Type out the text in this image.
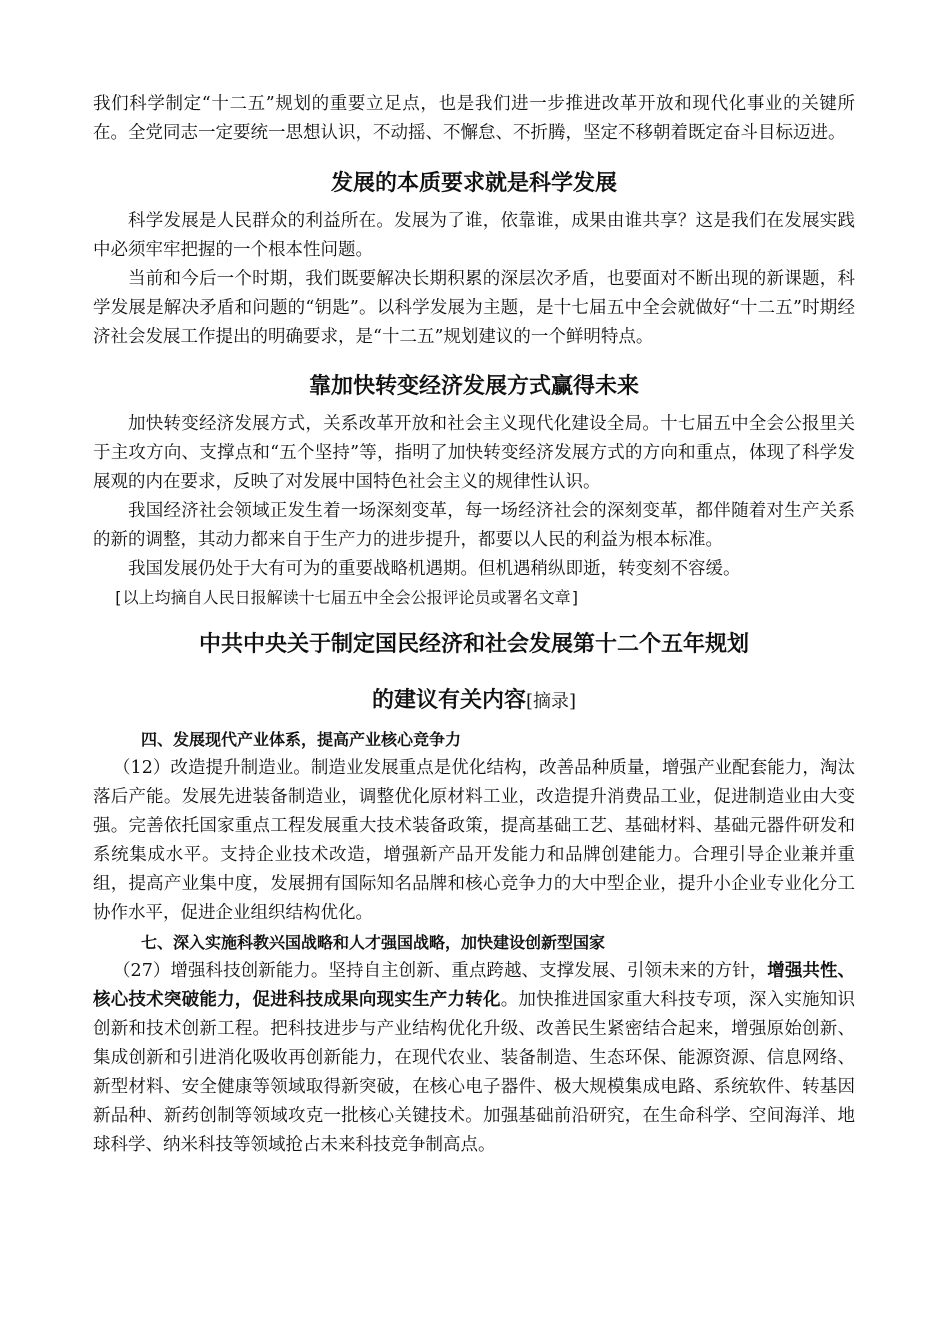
我们科学制定“十二五”规划的重要立足点，也是我们进一步推进改革开放和现代化事业的关键所在。全党同志一定要统一思想认识，不动摇、不懈怠、不折腾，坚定不移朝着既定奋斗目标迈进。

发展的本质要求就是科学发展

科学发展是人民群众的利益所在。发展为了谁，依靠谁，成果由谁共享？这是我们在发展实践中必须牢牢把握的一个根本性问题。

当前和今后一个时期，我们既要解决长期积累的深层次矛盾，也要面对不断出现的新课题，科学发展是解决矛盾和问题的“钥匙”。以科学发展为主题，是十七届五中全会就做好“十二五”时期经济社会发展工作提出的明确要求，是“十二五”规划建议的一个鲜明特点。

靠加快转变经济发展方式赢得未来

加快转变经济发展方式，关系改革开放和社会主义现代化建设全局。十七届五中全会公报里关于主攻方向、支撑点和“五个坚持”等，指明了加快转变经济发展方式的方向和重点，体现了科学发展观的内在要求，反映了对发展中国特色社会主义的规律性认识。

我国经济社会领域正发生着一场深刻变革，每一场经济社会的深刻变革，都伴随着对生产关系的新的调整，其动力都来自于生产力的进步提升，都要以人民的利益为根本标准。

我国发展仍处于大有可为的重要战略机遇期。但机遇稍纵即逝，转变刻不容缓。

[以上均摘自人民日报解读十七届五中全会公报评论员或署名文章]

中共中央关于制定国民经济和社会发展第十二个五年规划
的建议有关内容[摘录]

四、发展现代产业体系，提高产业核心竞争力

（12）改造提升制造业。制造业发展重点是优化结构，改善品种质量，增强产业配套能力，淘汰落后产能。发展先进装备制造业，调整优化原材料工业，改造提升消费品工业，促进制造业由大变强。完善依托国家重点工程发展重大技术装备政策，提高基础工艺、基础材料、基础元器件研发和系统集成水平。支持企业技术改造，增强新产品开发能力和品牌创建能力。合理引导企业兼并重组，提高产业集中度，发展拥有国际知名品牌和核心竞争力的大中型企业，提升小企业专业化分工协作水平，促进企业组织结构优化。

七、深入实施科教兴国战略和人才强国战略，加快建设创新型国家

（27）增强科技创新能力。坚持自主创新、重点跨越、支撑发展、引领未来的方针，增强共性、核心技术突破能力，促进科技成果向现实生产力转化。加快推进国家重大科技专项，深入实施知识创新和技术创新工程。把科技进步与产业结构优化升级、改善民生紧密结合起来，增强原始创新、集成创新和引进消化吸收再创新能力，在现代农业、装备制造、生态环保、能源资源、信息网络、新型材料、安全健康等领域取得新突破，在核心电子器件、极大规模集成电路、系统软件、转基因新品种、新药创制等领域攻克一批核心关键技术。加强基础前沿研究，在生命科学、空间海洋、地球科学、纳米科技等领域抢占未来科技竞争制高点。
